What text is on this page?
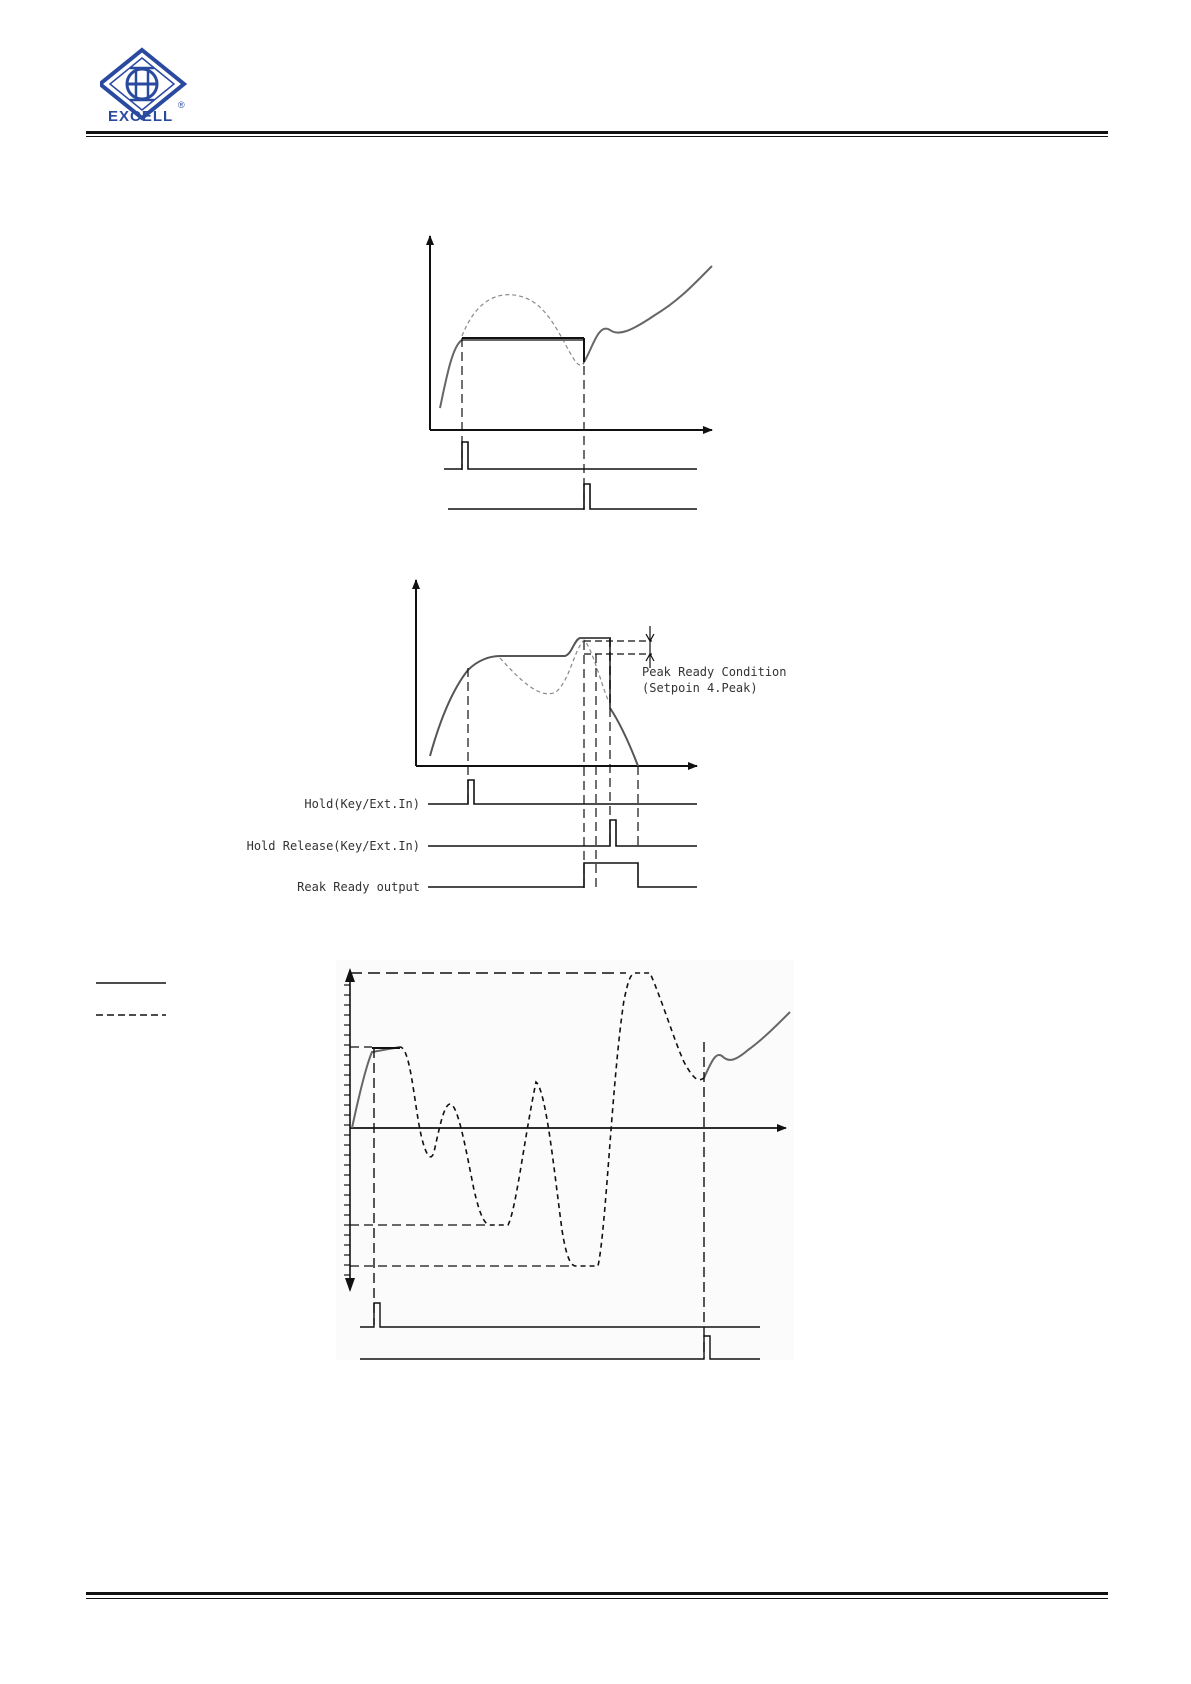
EXCELL
®
Peak Ready Condition
(Setpoin 4.Peak)
Hold(Key/Ext.In)
Hold Release(Key/Ext.In)
Reak Ready output
